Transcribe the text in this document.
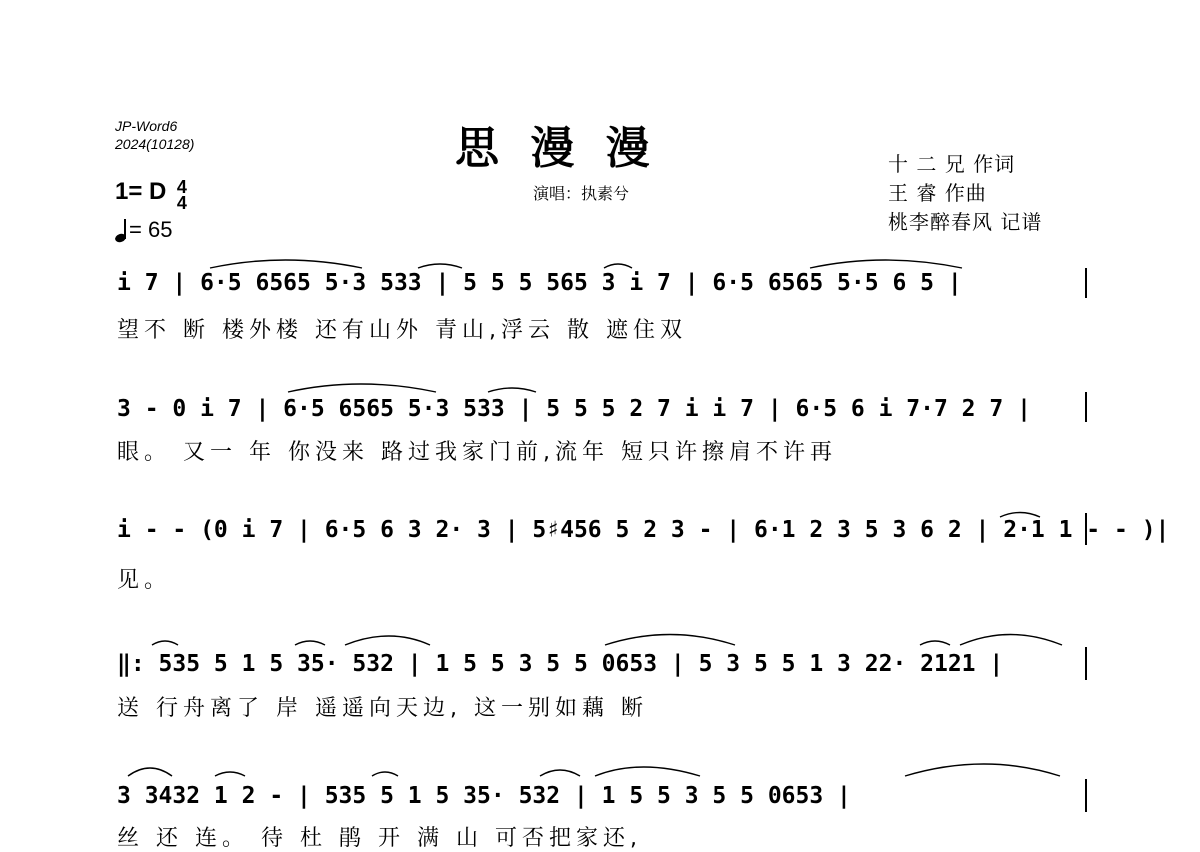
JP-Word6
2024(10128)	思 漫 漫
演唱：执素兮
十 二 兄 作词
王 睿 作曲
桃李醉春风 记谱
1= D 4
4
= 65
i 7 | 6·5 6565 5·3 533 | 5 5 5 565 3 i 7 | 6·5 6565 5·5 6 5 |
望不 断 楼外楼 还有山外 青山,浮云 散 遮住双
3 - 0 i 7 | 6·5 6565 5·3 533 | 5 5 5 2 7 i i 7 | 6·5 6 i 7·7 2 7 |
眼。 又一 年 你没来 路过我家门前,流年 短只许擦肩不许再
i - - (0 i 7 | 6·5 6 3 2· 3 | 5♯456 5 2 3 - | 6·1 2 3 5 3 6 2 | 2·1 1 - - )|
见。
‖: 535 5 1 5 35· 532 | 1 5 5 3 5 5 0653 | 5 3 5 5 1 3 22· 2121 |
送 行舟离了 岸 遥遥向天边, 这一别如藕 断
3 3432 1 2 - | 535 5 1 5 35· 532 | 1 5 5 3 5 5 0653 |
丝 还 连。 待 杜 鹃 开 满 山 可否把家还,
